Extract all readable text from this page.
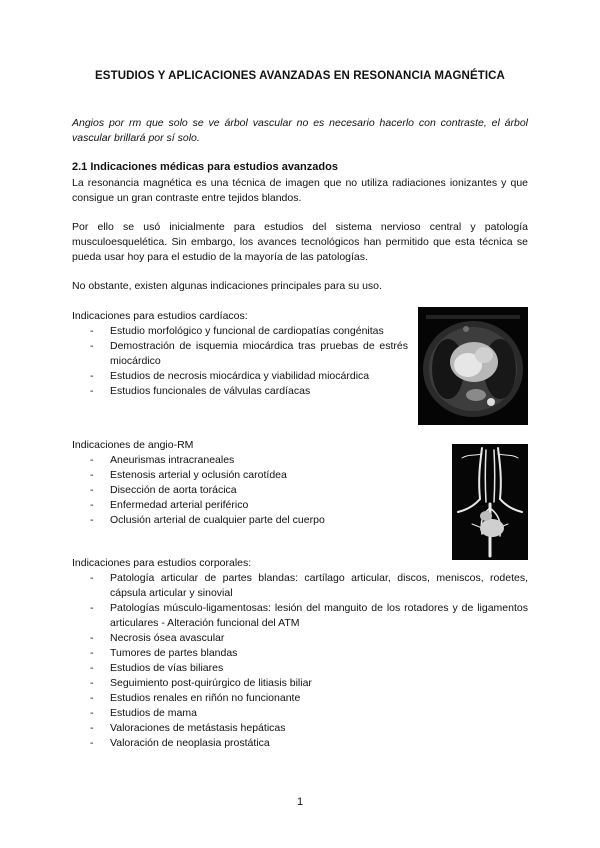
ESTUDIOS Y APLICACIONES AVANZADAS EN RESONANCIA MAGNÉTICA
Angios por rm que solo se ve árbol vascular no es necesario hacerlo con contraste, el árbol vascular brillará por sí solo.
2.1 Indicaciones médicas para estudios avanzados
La resonancia magnética es una técnica de imagen que no utiliza radiaciones ionizantes y que consigue un gran contraste entre tejidos blandos.
Por ello se usó inicialmente para estudios del sistema nervioso central y patología musculoesquelética. Sin embargo, los avances tecnológicos han permitido que esta técnica se pueda usar hoy para el estudio de la mayoría de las patologías.
No obstante, existen algunas indicaciones principales para su uso.
Indicaciones para estudios cardíacos:
- Estudio morfológico y funcional de cardiopatías congénitas
- Demostración de isquemia miocárdica tras pruebas de estrés miocárdico
- Estudios de necrosis miocárdica y viabilidad miocárdica
- Estudios funcionales de válvulas cardíacas
Indicaciones de angio-RM
- Aneurismas intracraneales
- Estenosis arterial y oclusión carotídea
- Disección de aorta torácica
- Enfermedad arterial periférico
- Oclusión arterial de cualquier parte del cuerpo
Indicaciones para estudios corporales:
- Patología articular de partes blandas: cartílago articular, discos, meniscos, rodetes, cápsula articular y sinovial
- Patologías músculo-ligamentosas: lesión del manguito de los rotadores y de ligamentos articulares - Alteración funcional del ATM
- Necrosis ósea avascular
- Tumores de partes blandas
- Estudios de vías biliares
- Seguimiento post-quirúrgico de litiasis biliar
- Estudios renales en riñón no funcionante
- Estudios de mama
- Valoraciones de metástasis hepáticas
- Valoración de neoplasia prostática
1
